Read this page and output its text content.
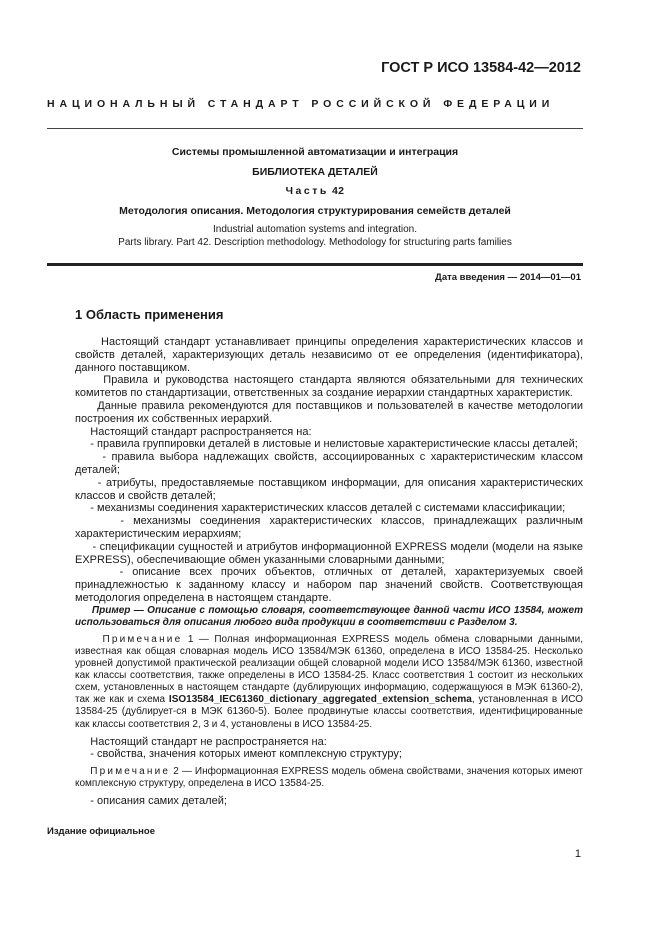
ГОСТ Р ИСО 13584-42—2012
НАЦИОНАЛЬНЫЙ СТАНДАРТ РОССИЙСКОЙ ФЕДЕРАЦИИ
Системы промышленной автоматизации и интеграция
БИБЛИОТЕКА ДЕТАЛЕЙ
Часть 42
Методология описания. Методология структурирования семейств деталей
Industrial automation systems and integration.
Parts library. Part 42. Description methodology. Methodology for structuring parts families
Дата введения — 2014—01—01
1 Область применения
Настоящий стандарт устанавливает принципы определения характеристических классов и свойств деталей, характеризующих деталь независимо от ее определения (идентификатора), данного поставщиком.
Правила и руководства настоящего стандарта являются обязательными для технических комитетов по стандартизации, ответственных за создание иерархии стандартных характеристик.
Данные правила рекомендуются для поставщиков и пользователей в качестве методологии построения их собственных иерархий.
Настоящий стандарт распространяется на:
- правила группировки деталей в листовые и нелистовые характеристические классы деталей;
- правила выбора надлежащих свойств, ассоциированных с характеристическим классом деталей;
- атрибуты, предоставляемые поставщиком информации, для описания характеристических классов и свойств деталей;
- механизмы соединения характеристических классов деталей с системами классификации;
- механизмы соединения характеристических классов, принадлежащих различным характеристическим иерархиям;
- спецификации сущностей и атрибутов информационной EXPRESS модели (модели на языке EXPRESS), обеспечивающие обмен указанными словарными данными;
- описание всех прочих объектов, отличных от деталей, характеризуемых своей принадлежностью к заданному классу и набором пар значений свойств. Соответствующая методология определена в настоящем стандарте.
Пример — Описание с помощью словаря, соответствующее данной части ИСО 13584, может использоваться для описания любого вида продукции в соответствии с Разделом 3.
Примечание 1 — Полная информационная EXPRESS модель обмена словарными данными, известная как общая словарная модель ИСО 13584/МЭК 61360, определена в ИСО 13584-25. Несколько уровней допустимой практической реализации общей словарной модели ИСО 13584/МЭК 61360, известной как классы соответствия, также определены в ИСО 13584-25. Класс соответствия 1 состоит из нескольких схем, установленных в настоящем стандарте (дублирующих информацию, содержащуюся в МЭК 61360-2), так же как и схема ISO13584_IEC61360_dictionary_aggregated_extension_schema, установленная в ИСО 13584-25 (дублирует-ся в МЭК 61360-5). Более продвинутые классы соответствия, идентифицированные как классы соответствия 2, 3 и 4, установлены в ИСО 13584-25.
Настоящий стандарт не распространяется на:
- свойства, значения которых имеют комплексную структуру;
Примечание 2 — Информационная EXPRESS модель обмена свойствами, значения которых имеют комплексную структуру, определена в ИСО 13584-25.
- описания самих деталей;
Издание официальное
1
